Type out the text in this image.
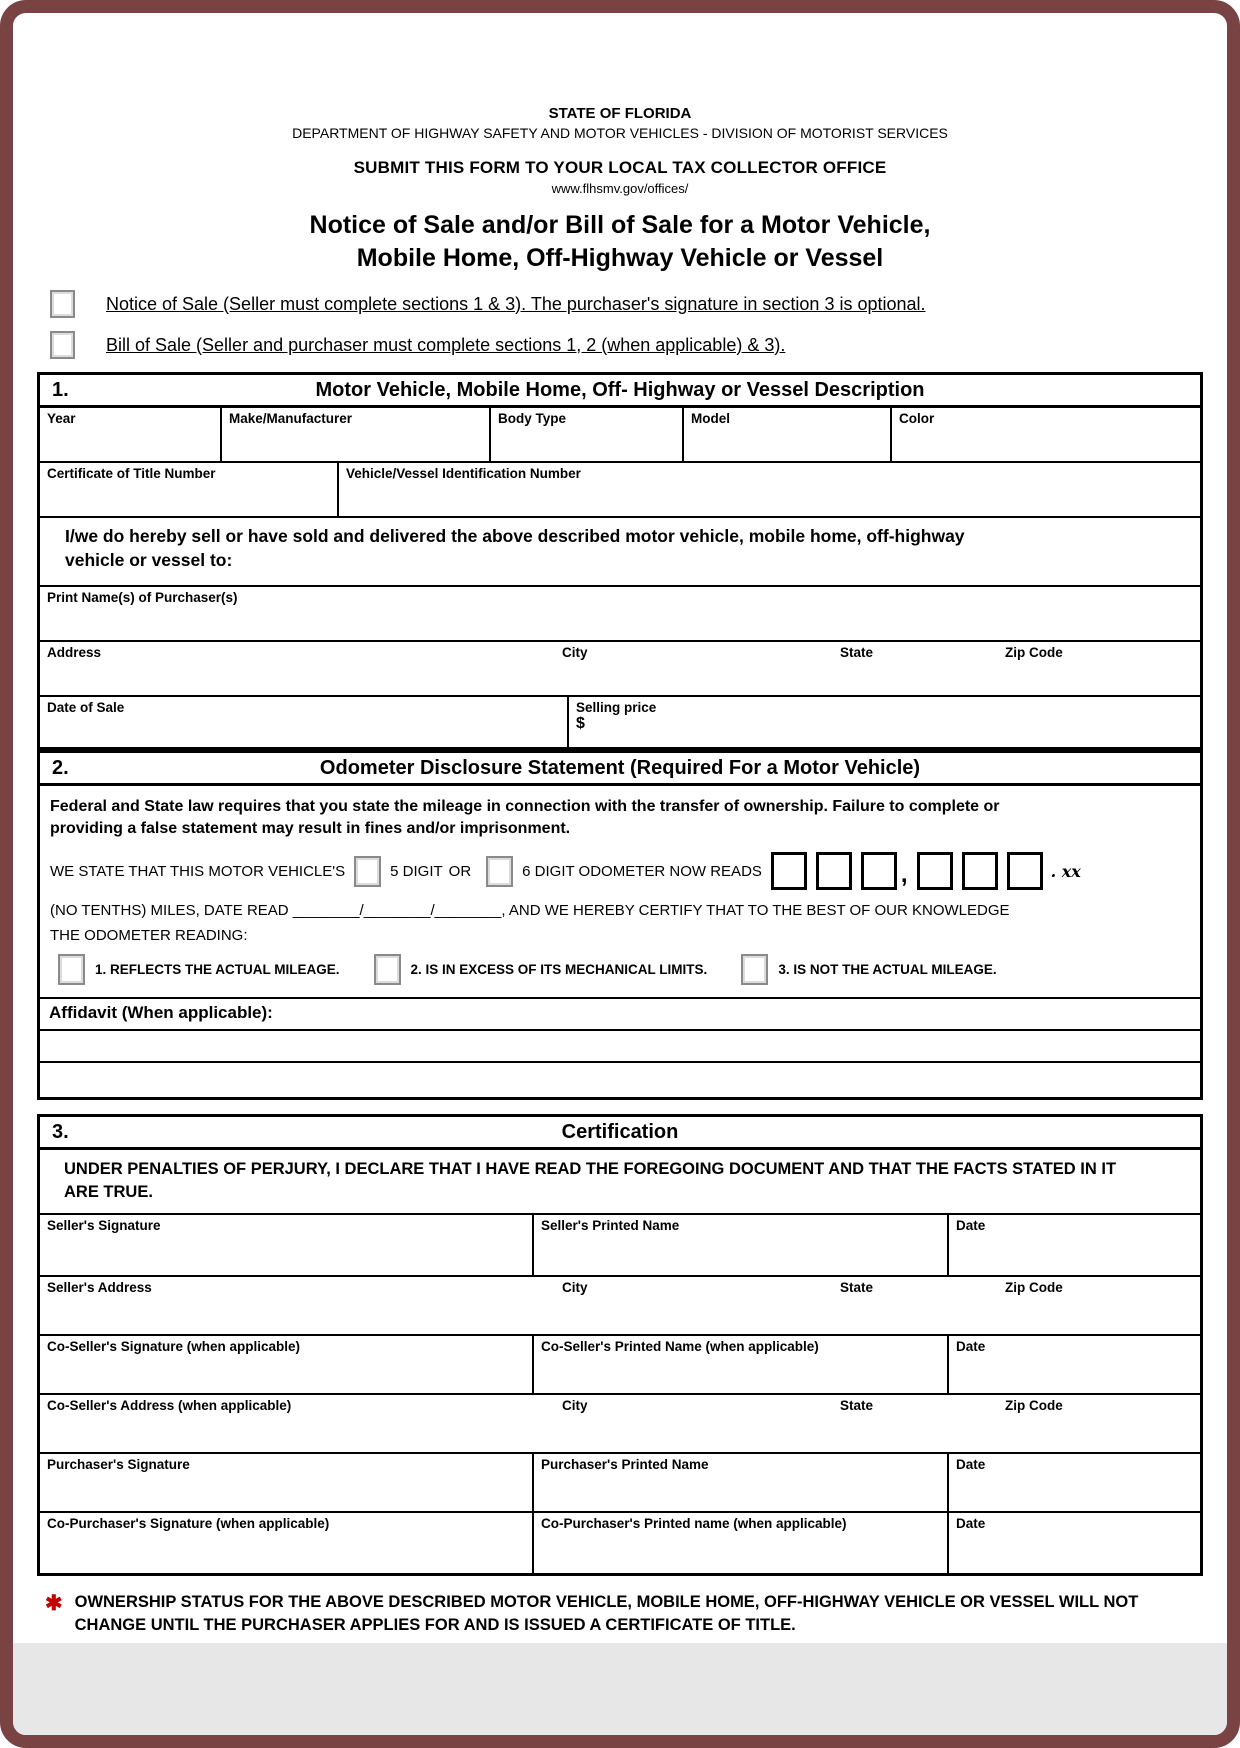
STATE OF FLORIDA
DEPARTMENT OF HIGHWAY SAFETY AND MOTOR VEHICLES - DIVISION OF MOTORIST SERVICES
SUBMIT THIS FORM TO YOUR LOCAL TAX COLLECTOR OFFICE
www.flhsmv.gov/offices/
Notice of Sale and/or Bill of Sale for a Motor Vehicle,
Mobile Home, Off-Highway Vehicle or Vessel
Notice of Sale (Seller must complete sections 1 & 3). The purchaser's signature in section 3 is optional.
Bill of Sale (Seller and purchaser must complete sections 1, 2 (when applicable) & 3).
1.	Motor Vehicle, Mobile Home, Off- Highway or Vessel Description
Year	Make/Manufacturer	Body Type	Model	Color
Certificate of Title Number	Vehicle/Vessel Identification Number
I/we do hereby sell or have sold and delivered the above described motor vehicle, mobile home, off-highway vehicle or vessel to:
Print Name(s) of Purchaser(s)
Address	City	State	Zip Code
Date of Sale	Selling price
$
2.	Odometer Disclosure Statement (Required For a Motor Vehicle)
Federal and State law requires that you state the mileage in connection with the transfer of ownership. Failure to complete or providing a false statement may result in fines and/or imprisonment.
WE STATE THAT THIS MOTOR VEHICLE'S	5 DIGIT OR	6 DIGIT ODOMETER NOW READS	,	. xx
(NO TENTHS) MILES, DATE READ ________/________/________, AND WE HEREBY CERTIFY THAT TO THE BEST OF OUR KNOWLEDGE
THE ODOMETER READING:
1. REFLECTS THE ACTUAL MILEAGE.	2. IS IN EXCESS OF ITS MECHANICAL LIMITS.	3. IS NOT THE ACTUAL MILEAGE.
Affidavit (When applicable):
3.	Certification
UNDER PENALTIES OF PERJURY, I DECLARE THAT I HAVE READ THE FOREGOING DOCUMENT AND THAT THE FACTS STATED IN IT ARE TRUE.
Seller's Signature	Seller's Printed Name	Date
Seller's Address	City	State	Zip Code
Co-Seller's Signature (when applicable)	Co-Seller's Printed Name (when applicable)	Date
Co-Seller's Address (when applicable)	City	State	Zip Code
Purchaser's Signature	Purchaser's Printed Name	Date
Co-Purchaser's Signature (when applicable)	Co-Purchaser's Printed name (when applicable)	Date
✱ OWNERSHIP STATUS FOR THE ABOVE DESCRIBED MOTOR VEHICLE, MOBILE HOME, OFF-HIGHWAY VEHICLE OR VESSEL WILL NOT CHANGE UNTIL THE PURCHASER APPLIES FOR AND IS ISSUED A CERTIFICATE OF TITLE.
